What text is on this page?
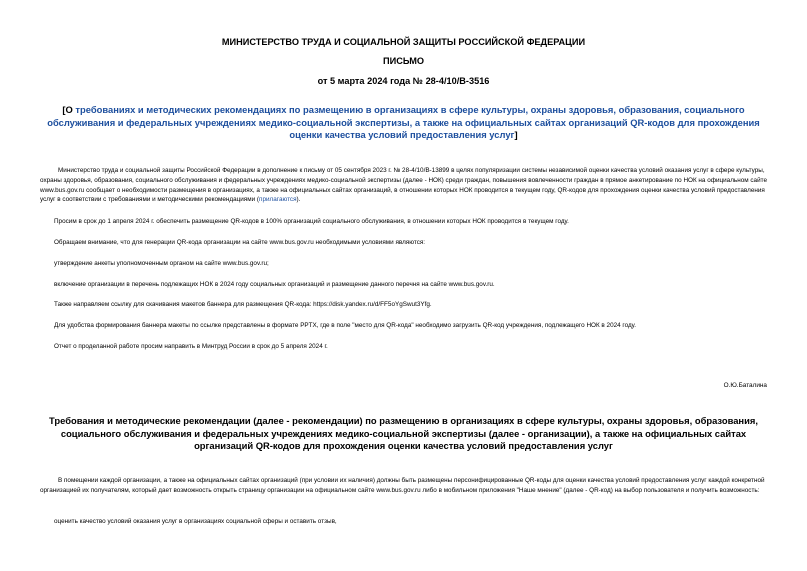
МИНИСТЕРСТВО ТРУДА И СОЦИАЛЬНОЙ ЗАЩИТЫ РОССИЙСКОЙ ФЕДЕРАЦИИ
ПИСЬМО
от 5 марта 2024 года № 28-4/10/В-3516
[О требованиях и методических рекомендациях по размещению в организациях в сфере культуры, охраны здоровья, образования, социального обслуживания и федеральных учреждениях медико-социальной экспертизы, а также на официальных сайтах организаций QR-кодов для прохождения оценки качества условий предоставления услуг]
Министерство труда и социальной защиты Российской Федерации в дополнение к письму от 05 сентября 2023 г. № 28-4/10/В-13899 в целях популяризации системы независимой оценки качества условий оказания услуг в сфере культуры, охраны здоровья, образования, социального обслуживания и федеральных учреждениях медико-социальной экспертизы (далее - НОК) среди граждан, повышения вовлеченности граждан в прямое анкетирование по НОК на официальном сайте www.bus.gov.ru сообщает о необходимости размещения в организациях, а также на официальных сайтах организаций, в отношении которых НОК проводится в текущем году, QR-кодов для прохождения оценки качества условий предоставления услуг в соответствии с требованиями и методическими рекомендациями (прилагаются).
Просим в срок до 1 апреля 2024 г. обеспечить размещение QR-кодов в 100% организаций социального обслуживания, в отношении которых НОК проводится в текущем году.
Обращаем внимание, что для генерации QR-кода организации на сайте www.bus.gov.ru необходимыми условиями являются:
утверждение анкеты уполномоченным органом на сайте www.bus.gov.ru;
включение организации в перечень подлежащих НОК в 2024 году социальных организаций и размещение данного перечня на сайте www.bus.gov.ru.
Также направляем ссылку для скачивания макетов баннера для размещения QR-кода: https://disk.yandex.ru/d/FF5oYgSwut3Yfg.
Для удобства формирования баннера макеты по ссылке представлены в формате PPTX, где в поле "место для QR-кода" необходимо загрузить QR-код учреждения, подлежащего НОК в 2024 году.
Отчет о проделанной работе просим направить в Минтруд России в срок до 5 апреля 2024 г.
О.Ю.Баталина
Требования и методические рекомендации (далее - рекомендации) по размещению в организациях в сфере культуры, охраны здоровья, образования, социального обслуживания и федеральных учреждениях медико-социальной экспертизы (далее - организации), а также на официальных сайтах организаций QR-кодов для прохождения оценки качества условий предоставления услуг
В помещении каждой организации, а также на официальных сайтах организаций (при условии их наличия) должны быть размещены персонифицированные QR-коды для оценки качества условий предоставления услуг каждой конкретной организацией их получателям, который дает возможность открыть страницу организации на официальном сайте www.bus.gov.ru либо в мобильном приложения "Наше мнение" (далее - QR-код) на выбор пользователя и получить возможность:
оценить качество условий оказания услуг в организациях социальной сферы и оставить отзыв,
